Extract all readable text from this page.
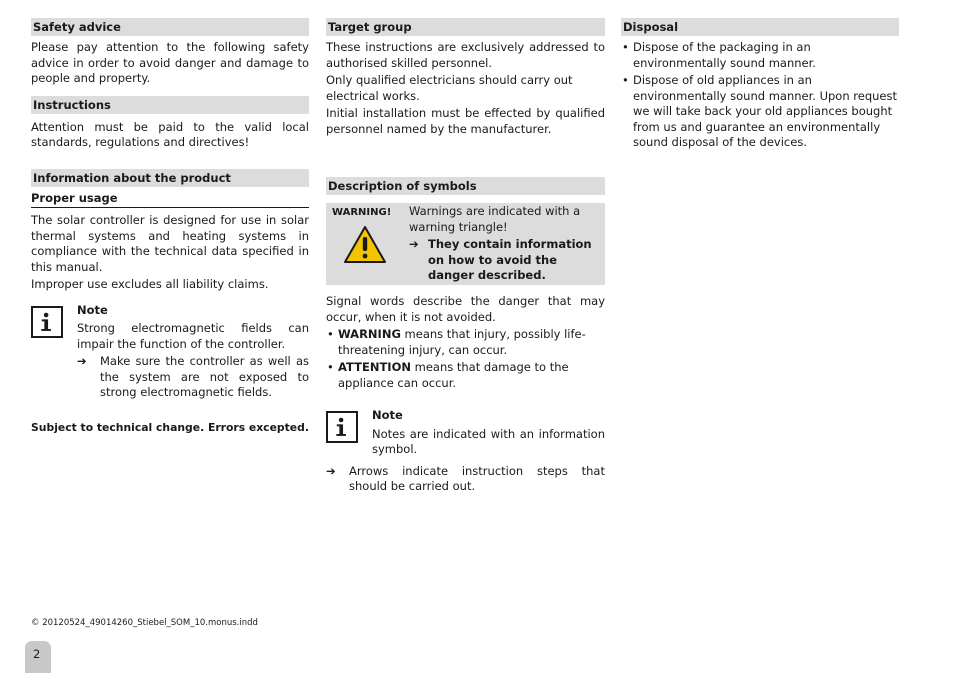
Safety advice

Please pay attention to the following safety advice in order to avoid danger and damage to people and property.

Instructions

Attention must be paid to the valid local standards, regulations and directives!

Information about the product
Proper usage

The solar controller is designed for use in solar thermal systems and heating systems in compliance with the technical data specified in this manual.

Improper use excludes all liability claims.

Note

Strong electromagnetic fields can impair the function of the controller.

➔ Make sure the controller as well as the system are not exposed to strong electromagnetic fields.

Subject to technical change. Errors excepted.

Target group

These instructions are exclusively addressed to authorised skilled personnel.

Only qualified electricians should carry out electrical works.

Initial installation must be effected by qualified personnel named by the manufacturer.

Description of symbols
WARNING! Warnings are indicated with a warning triangle!

➔ They contain information on how to avoid the danger described.

Signal words describe the danger that may occur, when it is not avoided.

• WARNING means that injury, possibly life-threatening injury, can occur.
• ATTENTION means that damage to the appliance can occur.
Note

Notes are indicated with an information symbol.

➔ Arrows indicate instruction steps that should be carried out.
Disposal
• Dispose of the packaging in an environmentally sound manner.
• Dispose of old appliances in an environmentally sound manner. Upon request we will take back your old appliances bought from us and guarantee an environmentally sound disposal of the devices.
© 20120524_49014260_Stiebel_SOM_10.monus.indd
2
